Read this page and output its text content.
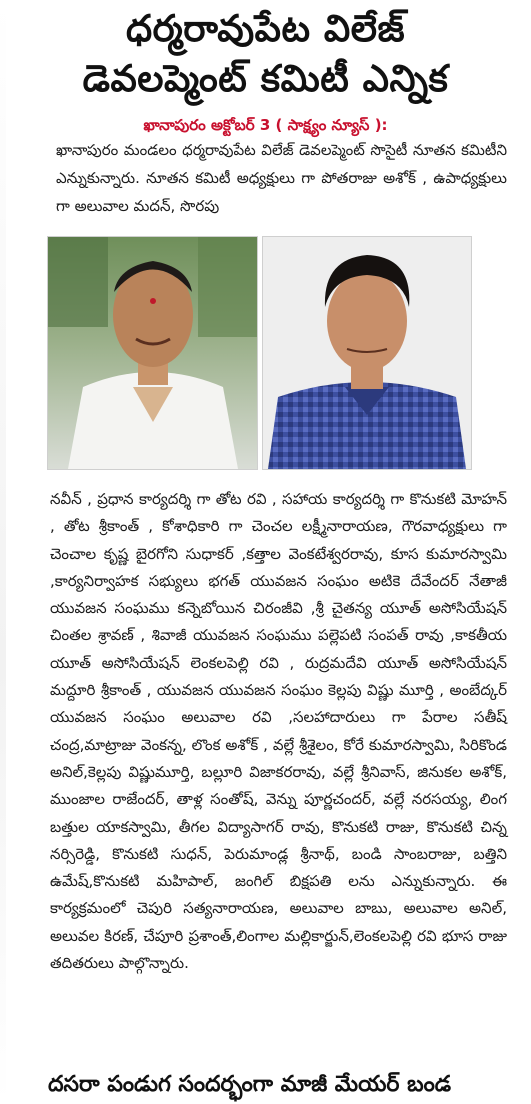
ధర్మరావుపేట విలేజ్
డెవలప్మెంట్ కమిటీ ఎన్నిక
ఖానాపురం అక్టోబర్ 3 ( సాక్ష్యం న్యూస్ ):

ఖానాపురం మండలం ధర్మరావుపేట విలేజ్ డెవలప్మెంట్ సొసైటీ నూతన కమిటీని ఎన్నుకున్నారు. నూతన కమిటీ అధ్యక్షులు గా పోతరాజు అశోక్ , ఉపాధ్యక్షులు గా అలువాల మదన్, సొరపు

నవీన్ , ప్రధాన కార్యదర్శి గా తోట రవి , సహాయ కార్యదర్శి గా కొనుకటి మోహన్ , తోట శ్రీకాంత్ , కోశాధికారి గా చెంచల లక్ష్మీనారాయణ, గౌరవాధ్యక్షులు గా చెంచాల కృష్ణ బైరగోని సుధాకర్ ,కత్తాల వెంకటేశ్వరరావు, కూస కుమారస్వామి ,కార్యనిర్వాహక సభ్యులు భగత్ యువజన సంఘం అటికె దేవేందర్ నేతాజీ యువజన సంఘము కన్నెబోయిన చిరంజీవి ,శ్రీ చైతన్య యూత్ అసోసియేషన్ చింతల శ్రావణ్ , శివాజీ యువజన సంఘము పల్లెపటి సంపత్ రావు ,కాకతీయ యూత్ అసోసియేషన్ లెంకలపెల్లి రవి , రుద్రమదేవి యూత్ అసోసియేషన్ మద్దూరి శ్రీకాంత్ , యువజన యువజన సంఘం కెల్లపు విష్ణు మూర్తి , అంబేద్కర్ యువజన సంఘం అలువాల రవి ,సలహాదారులు గా పేరాల సతీష్ చంద్ర,మాట్రాజు వెంకన్న, లొంక అశోక్ , వల్లే శ్రీశైలం, కోరే కుమారస్వామి, సిరికొండ అనిల్,కెల్లపు విష్ణుమూర్తి, బల్లూరి విజాకరరావు, వల్లే శ్రీనివాస్, జినుకల అశోక్, ముంజాల రాజేందర్, తాళ్ల సంతోష్, వెన్ను పూర్ణచందర్, వల్లే నరసయ్య, లింగ బత్తుల యాకస్వామి, తీగల విద్యాసాగర్ రావు, కొనుకటి రాజు, కొనుకటి చిన్న నర్సిరెడ్డి, కొనుకటి సుధన్, పెరుమాండ్ల శ్రీనాథ్, బండి సాంబరాజు, బత్తిని ఉమేష్,కొనుకటి మహిపాల్, జంగిల్ బిక్షపతి లను ఎన్నుకున్నారు. ఈ కార్యక్రమంలో చెపురి సత్యనారాయణ, అలువాల బాబు, అలువాల అనిల్, అలువల కిరణ్, చేపూరి ప్రశాంత్,లింగాల మల్లికార్జున్,లెంకలపెల్లి రవి భూస రాజు తదితరులు పాల్గొన్నారు.

దసరా పండుగ సందర్భంగా మాజీ మేయర్ బండ
